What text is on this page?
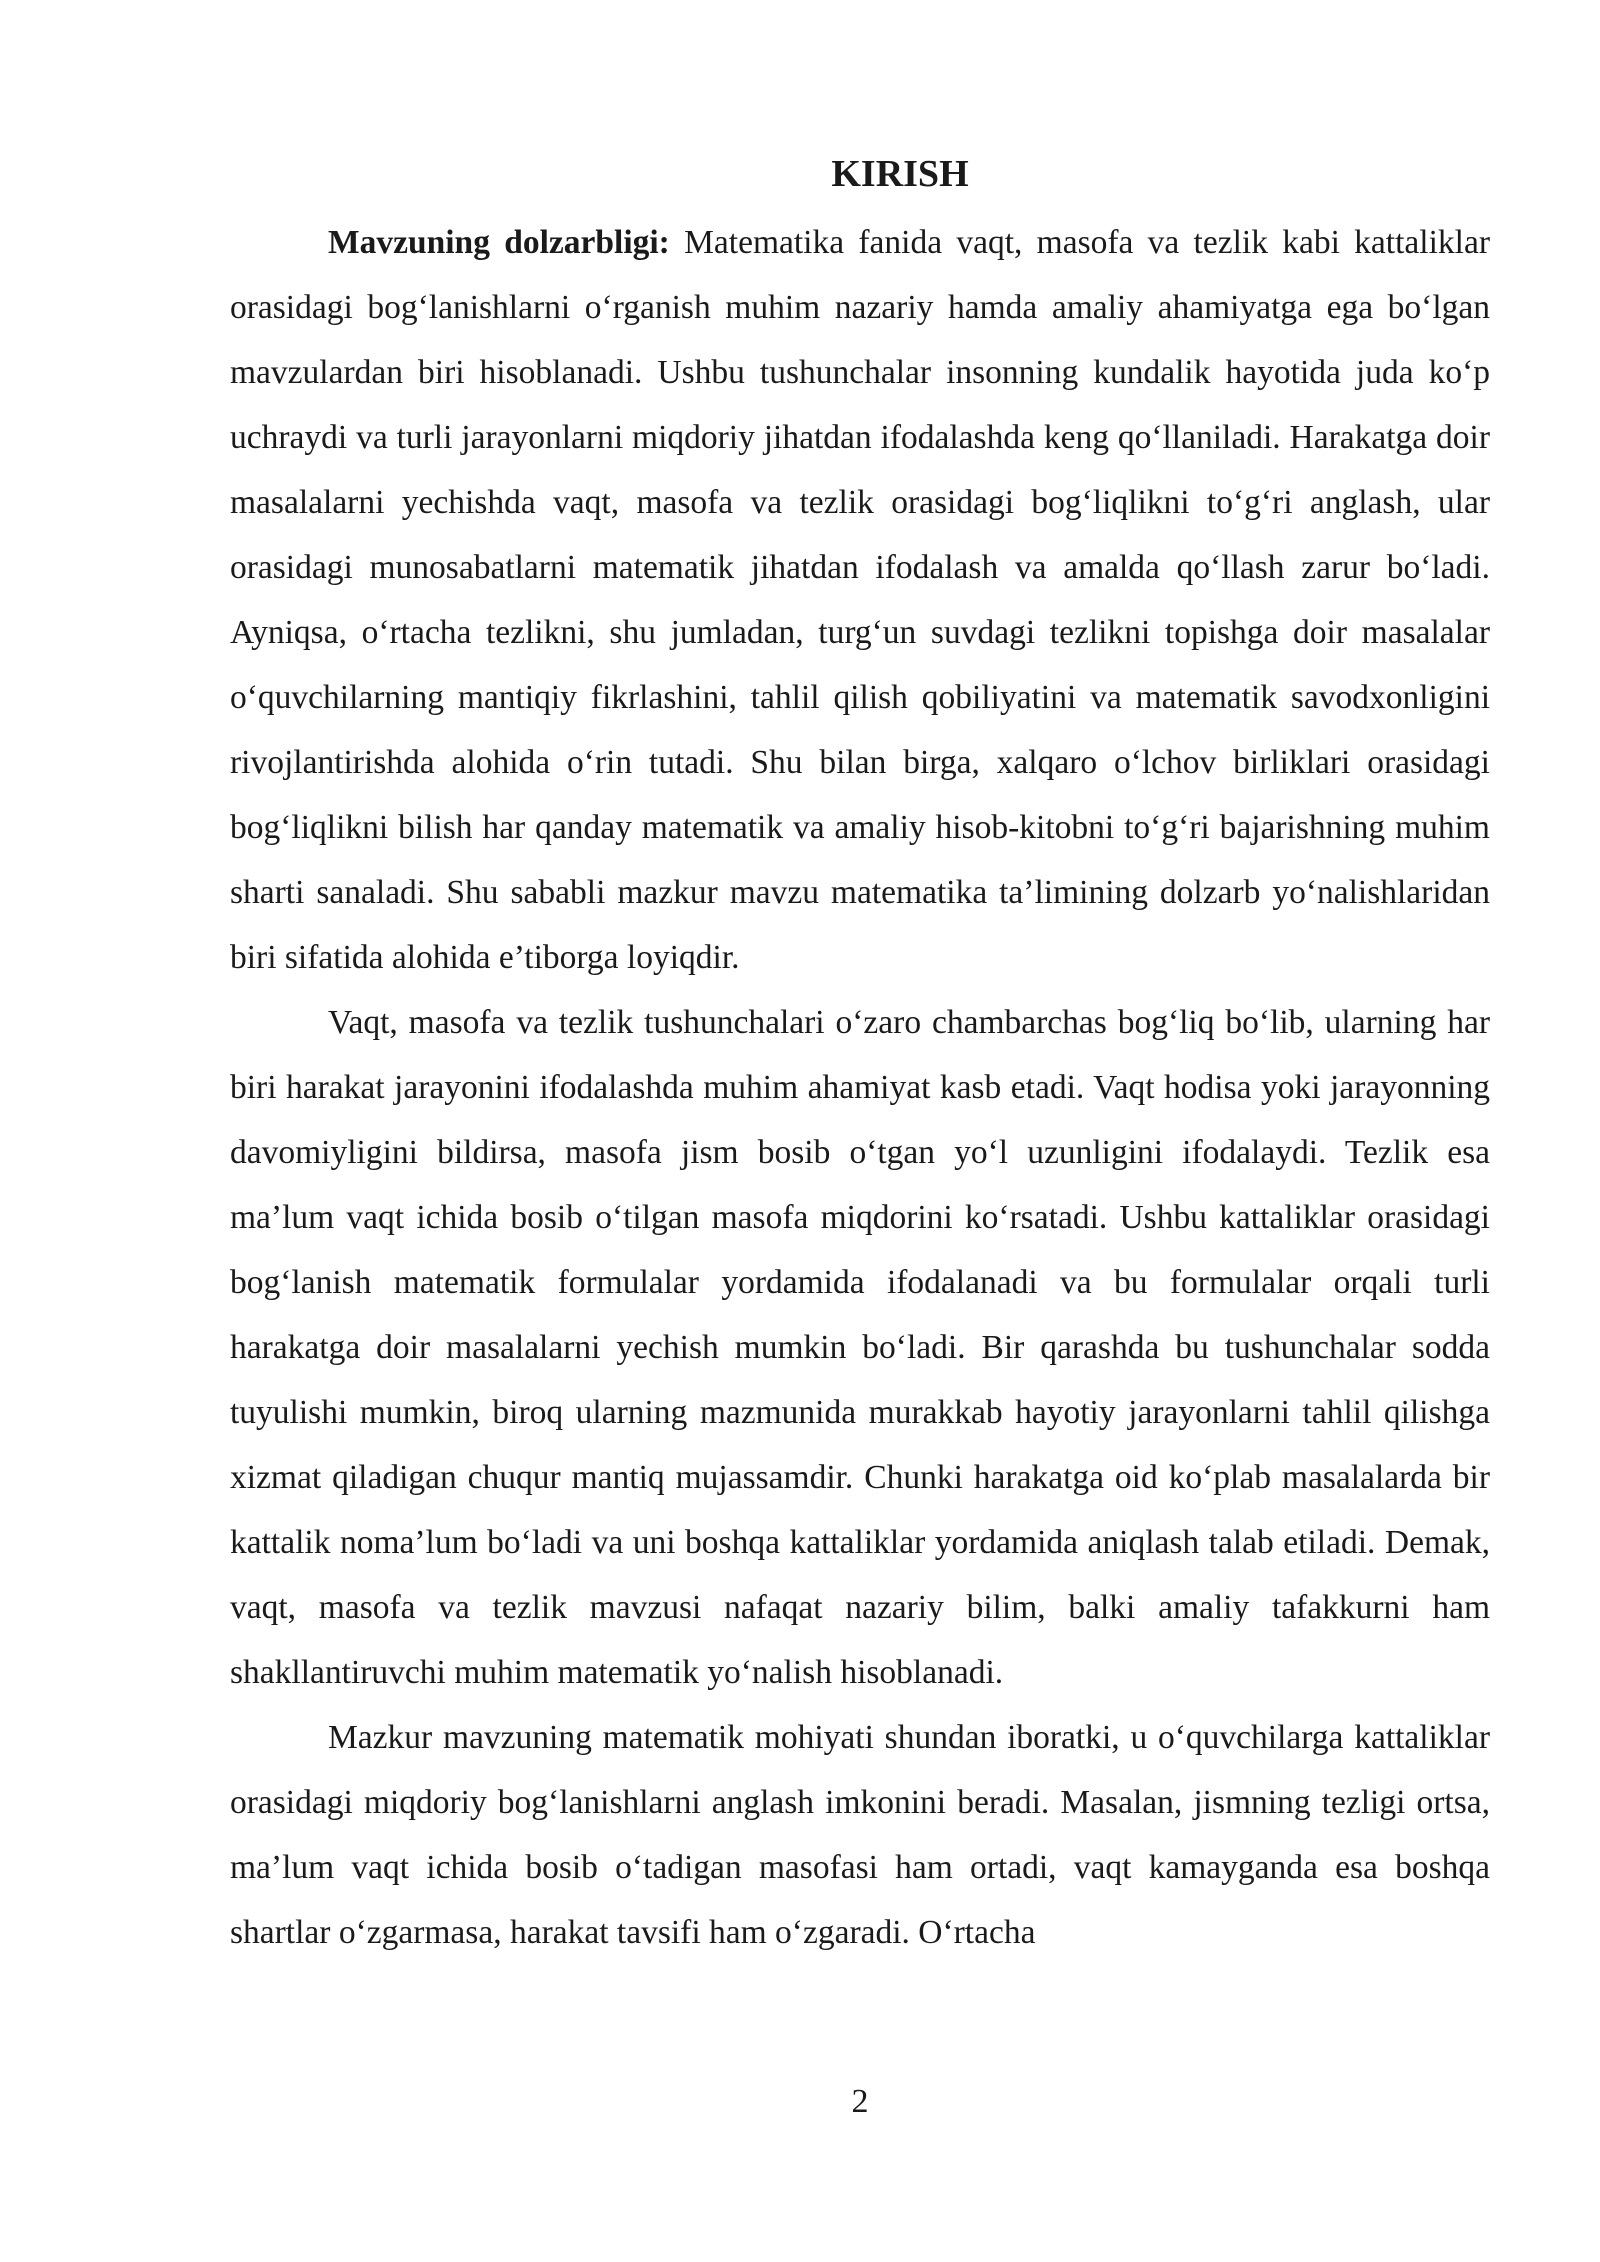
KIRISH

Mavzuning dolzarbligi: Matematika fanida vaqt, masofa va tezlik kabi kattaliklar orasidagi bog‘lanishlarni o‘rganish muhim nazariy hamda amaliy ahamiyatga ega bo‘lgan mavzulardan biri hisoblanadi. Ushbu tushunchalar insonning kundalik hayotida juda ko‘p uchraydi va turli jarayonlarni miqdoriy jihatdan ifodalashda keng qo‘llaniladi. Harakatga doir masalalarni yechishda vaqt, masofa va tezlik orasidagi bog‘liqlikni to‘g‘ri anglash, ular orasidagi munosabatlarni matematik jihatdan ifodalash va amalda qo‘llash zarur bo‘ladi. Ayniqsa, o‘rtacha tezlikni, shu jumladan, turg‘un suvdagi tezlikni topishga doir masalalar o‘quvchilarning mantiqiy fikrlashini, tahlil qilish qobiliyatini va matematik savodxonligini rivojlantirishda alohida o‘rin tutadi. Shu bilan birga, xalqaro o‘lchov birliklari orasidagi bog‘liqlikni bilish har qanday matematik va amaliy hisob-kitobni to‘g‘ri bajarishning muhim sharti sanaladi. Shu sababli mazkur mavzu matematika ta’limining dolzarb yo‘nalishlaridan biri sifatida alohida e’tiborga loyiqdir.

Vaqt, masofa va tezlik tushunchalari o‘zaro chambarchas bog‘liq bo‘lib, ularning har biri harakat jarayonini ifodalashda muhim ahamiyat kasb etadi. Vaqt hodisa yoki jarayonning davomiyligini bildirsa, masofa jism bosib o‘tgan yo‘l uzunligini ifodalaydi. Tezlik esa ma’lum vaqt ichida bosib o‘tilgan masofa miqdorini ko‘rsatadi. Ushbu kattaliklar orasidagi bog‘lanish matematik formulalar yordamida ifodalanadi va bu formulalar orqali turli harakatga doir masalalarni yechish mumkin bo‘ladi. Bir qarashda bu tushunchalar sodda tuyulishi mumkin, biroq ularning mazmunida murakkab hayotiy jarayonlarni tahlil qilishga xizmat qiladigan chuqur mantiq mujassamdir. Chunki harakatga oid ko‘plab masalalarda bir kattalik noma’lum bo‘ladi va uni boshqa kattaliklar yordamida aniqlash talab etiladi. Demak, vaqt, masofa va tezlik mavzusi nafaqat nazariy bilim, balki amaliy tafakkurni ham shakllantiruvchi muhim matematik yo‘nalish hisoblanadi.

Mazkur mavzuning matematik mohiyati shundan iboratki, u o‘quvchilarga kattaliklar orasidagi miqdoriy bog‘lanishlarni anglash imkonini beradi. Masalan, jismning tezligi ortsa, ma’lum vaqt ichida bosib o‘tadigan masofasi ham ortadi, vaqt kamayganda esa boshqa shartlar o‘zgarmasa, harakat tavsifi ham o‘zgaradi. O‘rtacha

2
